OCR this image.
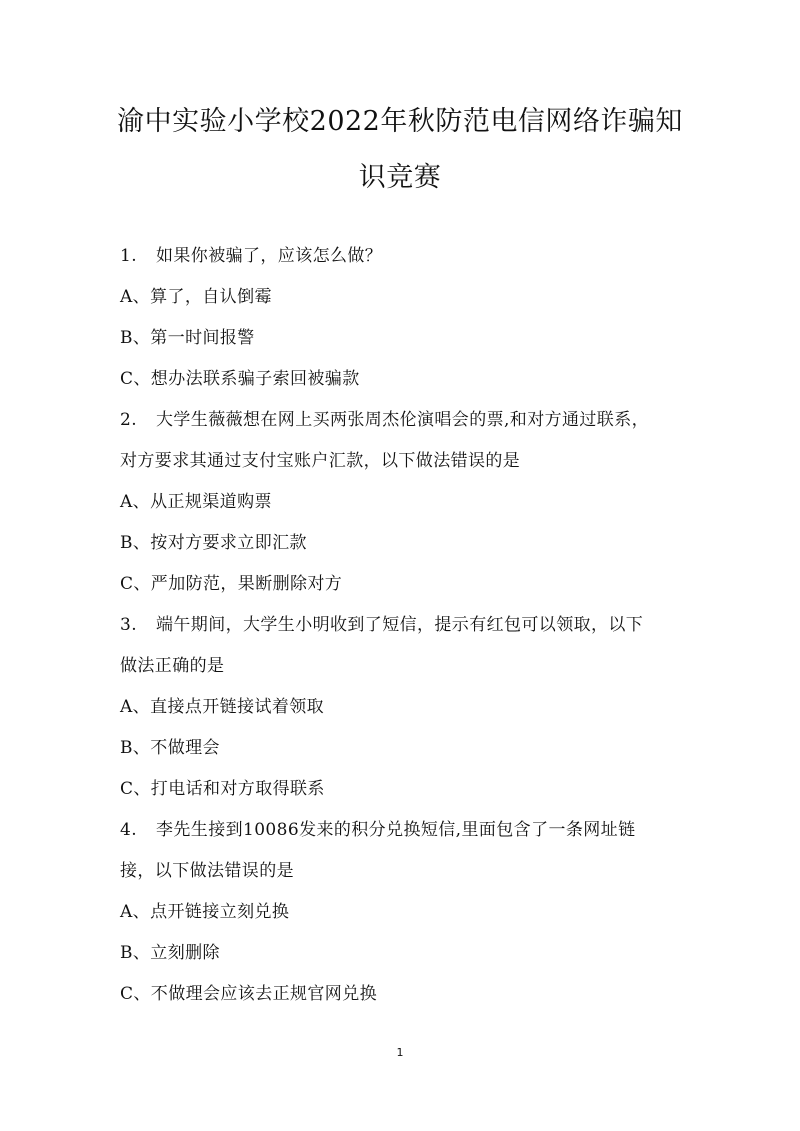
渝中实验小学校2022年秋防范电信网络诈骗知
识竞赛
1. 如果你被骗了，应该怎么做？
A、算了，自认倒霉
B、第一时间报警
C、想办法联系骗子索回被骗款
2. 大学生薇薇想在网上买两张周杰伦演唱会的票,和对方通过联系，
对方要求其通过支付宝账户汇款，以下做法错误的是
A、从正规渠道购票
B、按对方要求立即汇款
C、严加防范，果断删除对方
3. 端午期间，大学生小明收到了短信，提示有红包可以领取，以下
做法正确的是
A、直接点开链接试着领取
B、不做理会
C、打电话和对方取得联系
4. 李先生接到10086发来的积分兑换短信,里面包含了一条网址链
接，以下做法错误的是
A、点开链接立刻兑换
B、立刻删除
C、不做理会应该去正规官网兑换
1
